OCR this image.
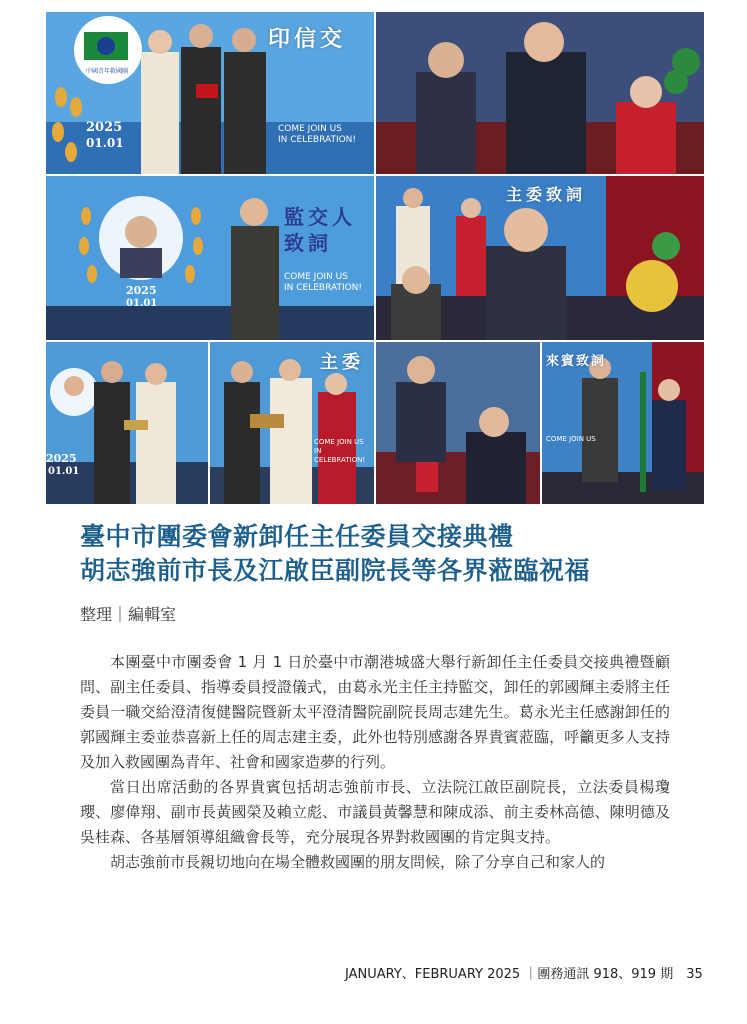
印信交
COME JOIN US
IN CELEBRATION!
2025
01.01
中國青年救國團
監交人
致詞
COME JOIN US
IN CELEBRATION!
2025
01.01
主委致詞
2025
01.01
主委
COME JOIN US
IN CELEBRATION!
來賓致詞
COME JOIN US
臺中市團委會新卸任主任委員交接典禮
胡志強前市長及江啟臣副院長等各界蒞臨祝福
整理｜編輯室

本團臺中市團委會 1 月 1 日於臺中市潮港城盛大舉行新卸任主任委員交接典禮暨顧問、副主任委員、指導委員授證儀式，由葛永光主任主持監交，卸任的郭國輝主委將主任委員一職交給澄清復健醫院暨新太平澄清醫院副院長周志建先生。葛永光主任感謝卸任的郭國輝主委並恭喜新上任的周志建主委，此外也特別感謝各界貴賓蒞臨，呼籲更多人支持及加入救國團為青年、社會和國家造夢的行列。

當日出席活動的各界貴賓包括胡志強前市長、立法院江啟臣副院長，立法委員楊瓊瓔、廖偉翔、副市長黃國榮及賴立彪、市議員黃馨慧和陳成添、前主委林高德、陳明德及吳桂森、各基層領導組織會長等，充分展現各界對救國團的肯定與支持。

胡志強前市長親切地向在場全體救國團的朋友問候，除了分享自己和家人的

JANUARY、FEBRUARY 2025 ｜團務通訊 918、919 期　35
